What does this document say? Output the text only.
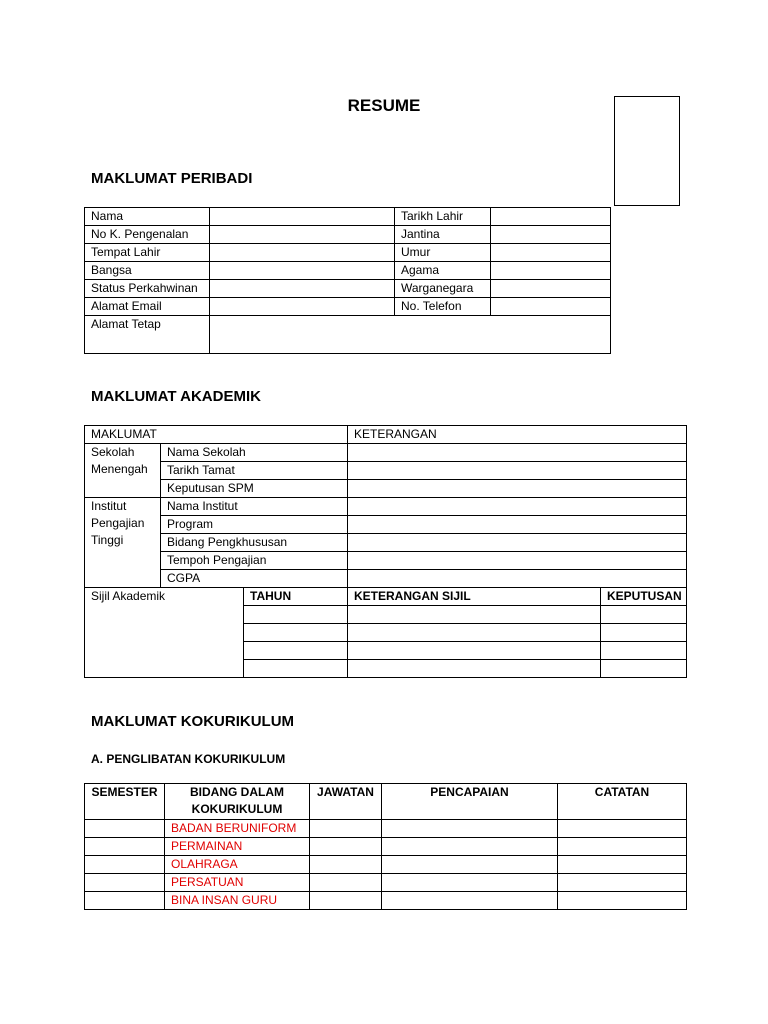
RESUME
MAKLUMAT PERIBADI
Nama		Tarikh Lahir	
No K. Pengenalan		Jantina	
Tempat Lahir		Umur	
Bangsa		Agama	
Status Perkahwinan		Warganegara	
Alamat Email		No. Telefon	
Alamat Tetap			
MAKLUMAT AKADEMIK
MAKLUMAT			KETERANGAN	
Sekolah Menengah	Nama Sekolah			
	Tarikh Tamat			
	Keputusan SPM			
Institut Pengajian Tinggi	Nama Institut			
	Program			
	Bidang Pengkhususan			
	Tempoh Pengajian			
	CGPA			
Sijil Akademik		TAHUN	KETERANGAN SIJIL	KEPUTUSAN

MAKLUMAT KOKURIKULUM
A. PENGLIBATAN KOKURIKULUM
SEMESTER	BIDANG DALAM KOKURIKULUM	JAWATAN	PENCAPAIAN	CATATAN
	BADAN BERUNIFORM			
	PERMAINAN			
	OLAHRAGA			
	PERSATUAN			
	BINA INSAN GURU			
